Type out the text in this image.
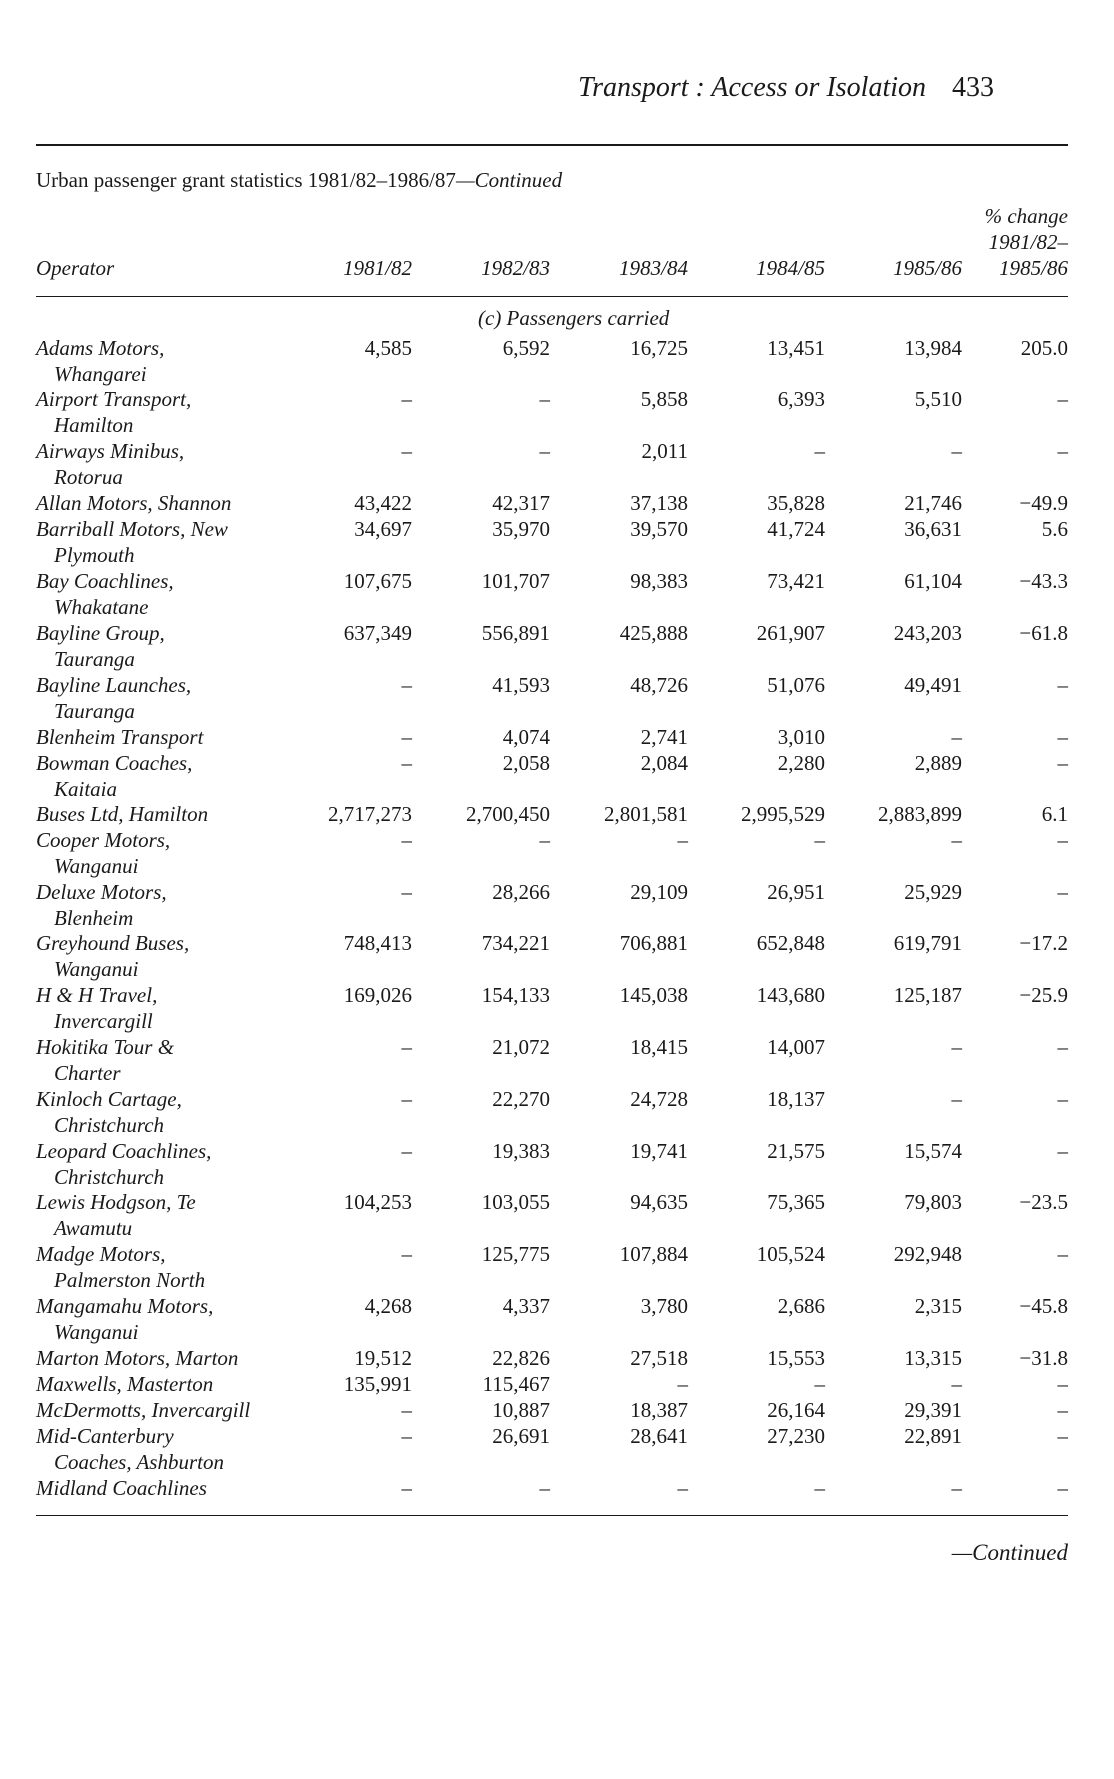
Transport : Access or Isolation 433
Urban passenger grant statistics 1981/82–1986/87—Continued
Operator	1981/82	1982/83	1983/84	1984/85	1985/86
% change
1981/82–
1985/86
(c) Passengers carried
Adams Motors,
Whangarei
4,585	6,592	16,725	13,451	13,984	205.0
Airport Transport,
Hamilton
–	–	5,858	6,393	5,510	–
Airways Minibus,
Rotorua
–	–	2,011	–	–	–
Allan Motors, Shannon	43,422	42,317	37,138	35,828	21,746	−49.9
Barriball Motors, New
Plymouth
34,697	35,970	39,570	41,724	36,631	5.6
Bay Coachlines,
Whakatane
107,675	101,707	98,383	73,421	61,104	−43.3
Bayline Group,
Tauranga
637,349	556,891	425,888	261,907	243,203	−61.8
Bayline Launches,
Tauranga
–	41,593	48,726	51,076	49,491	–
Blenheim Transport	–	4,074	2,741	3,010	–	–
Bowman Coaches,
Kaitaia
–	2,058	2,084	2,280	2,889	–
Buses Ltd, Hamilton	2,717,273	2,700,450	2,801,581	2,995,529	2,883,899	6.1
Cooper Motors,
Wanganui
–	–	–	–	–	–
Deluxe Motors,
Blenheim
–	28,266	29,109	26,951	25,929	–
Greyhound Buses,
Wanganui
748,413	734,221	706,881	652,848	619,791	−17.2
H & H Travel,
Invercargill
169,026	154,133	145,038	143,680	125,187	−25.9
Hokitika Tour &
Charter
–	21,072	18,415	14,007	–	–
Kinloch Cartage,
Christchurch
–	22,270	24,728	18,137	–	–
Leopard Coachlines,
Christchurch
–	19,383	19,741	21,575	15,574	–
Lewis Hodgson, Te
Awamutu
104,253	103,055	94,635	75,365	79,803	−23.5
Madge Motors,
Palmerston North
–	125,775	107,884	105,524	292,948	–
Mangamahu Motors,
Wanganui
4,268	4,337	3,780	2,686	2,315	−45.8
Marton Motors, Marton	19,512	22,826	27,518	15,553	13,315	−31.8
Maxwells, Masterton	135,991	115,467	–	–	–	–
McDermotts, Invercargill	–	10,887	18,387	26,164	29,391	–
Mid-Canterbury
Coaches, Ashburton
–	26,691	28,641	27,230	22,891	–
Midland Coachlines	–	–	–	–	–	–
—Continued
